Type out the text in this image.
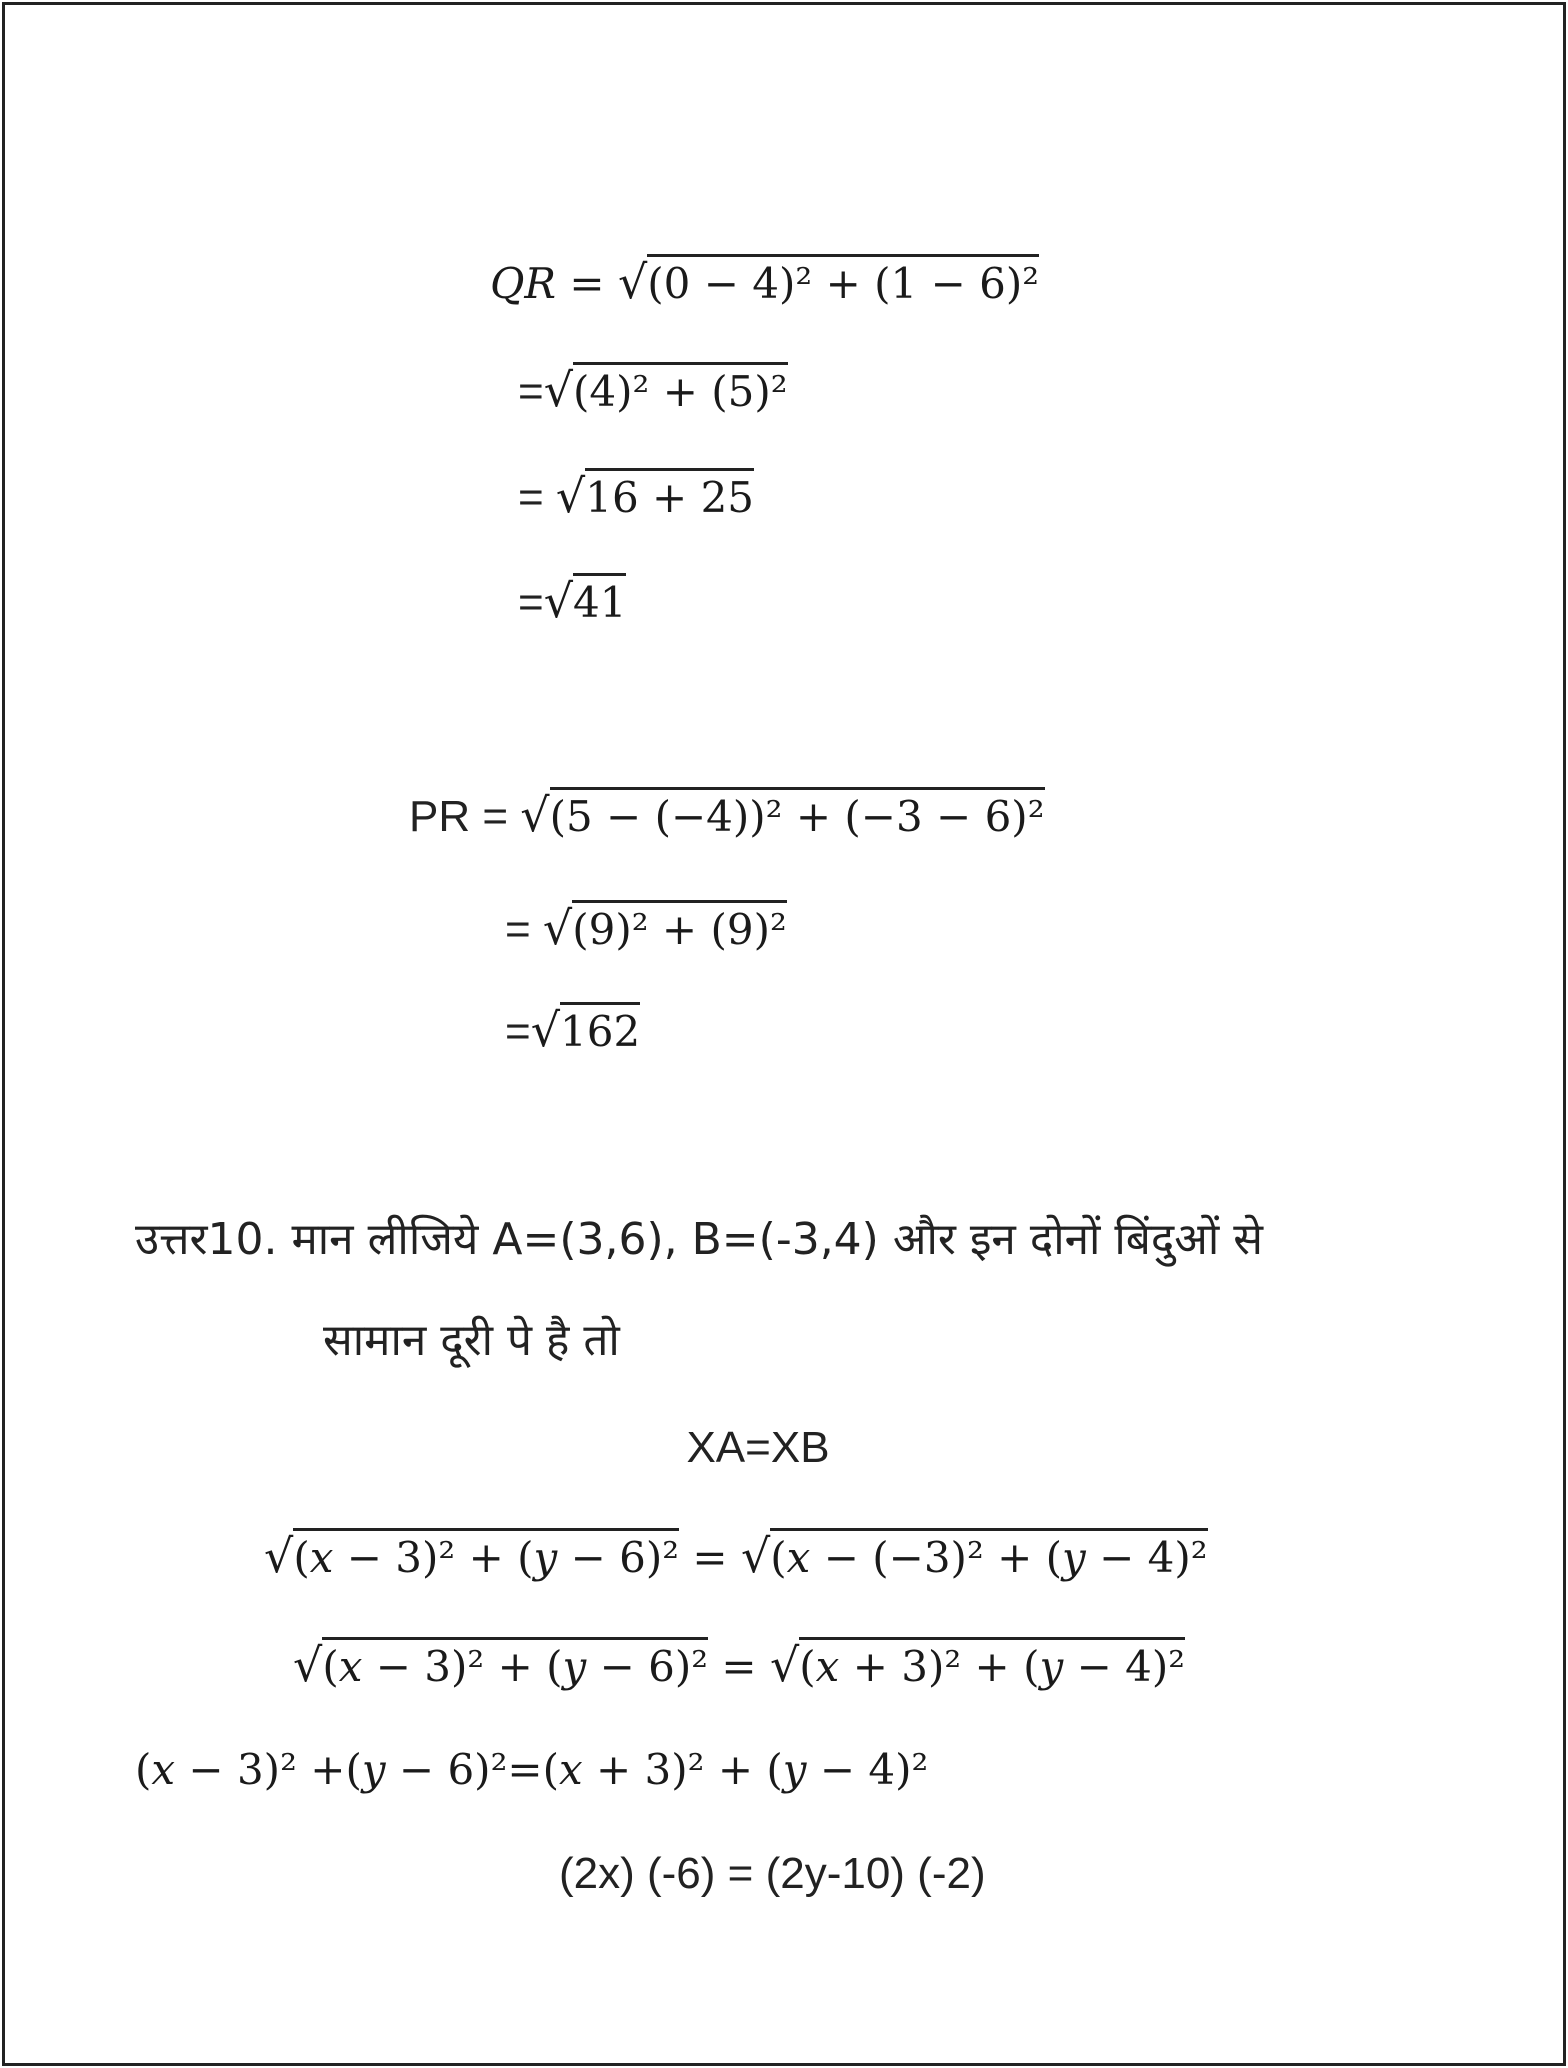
QR = √(0 − 4)² + (1 − 6)²
=√(4)² + (5)²
= √16 + 25
=√41
PR = √(5 − (−4))² + (−3 − 6)²
= √(9)² + (9)²
=√162
उत्तर10. मान लीजिये A=(3,6), B=(-3,4) और इन दोनों बिंदुओं से
सामान दूरी पे है तो
XA=XB
√(𝑥 − 3)² + (𝑦 − 6)² = √(𝑥 − (−3)² + (𝑦 − 4)²
√(𝑥 − 3)² + (𝑦 − 6)² = √(𝑥 + 3)² + (𝑦 − 4)²
(𝑥 − 3)² +(𝑦 − 6)²=(𝑥 + 3)² + (𝑦 − 4)²
(2x) (-6) = (2y-10) (-2)
